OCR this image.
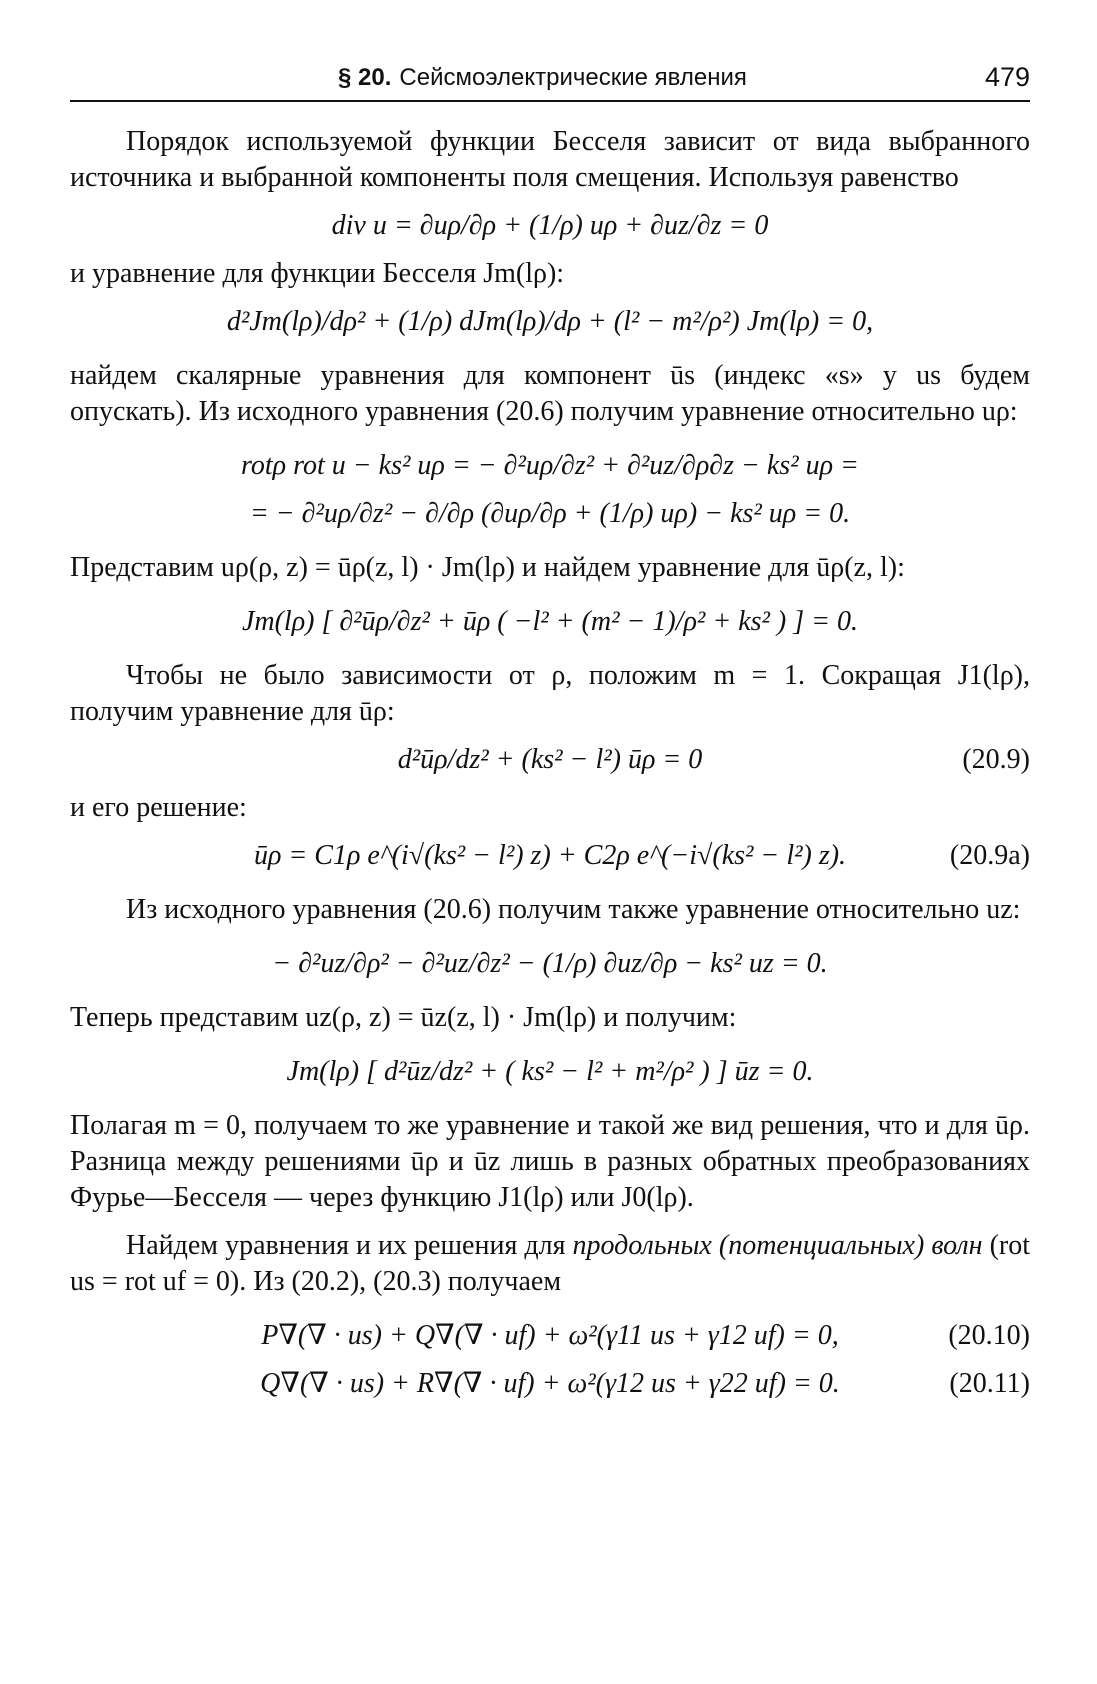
§ 20. Сейсмоэлектрические явления	479

Порядок используемой функции Бесселя зависит от вида выбранного источника и выбранной компоненты поля смещения. Используя равенство

div u = ∂uρ/∂ρ + (1/ρ) uρ + ∂uz/∂z = 0

и уравнение для функции Бесселя Jm(lρ):

d²Jm(lρ)/dρ² + (1/ρ) dJm(lρ)/dρ + (l² − m²/ρ²) Jm(lρ) = 0,

найдем скалярные уравнения для компонент ūs (индекс «s» у us будем опускать). Из исходного уравнения (20.6) получим уравнение относительно uρ:

rotρ rot u − ks² uρ = − ∂²uρ/∂z² + ∂²uz/∂ρ∂z − ks² uρ =
= − ∂²uρ/∂z² − ∂/∂ρ (∂uρ/∂ρ + (1/ρ) uρ) − ks² uρ = 0.

Представим uρ(ρ, z) = ūρ(z, l) · Jm(lρ) и найдем уравнение для ūρ(z, l):

Jm(lρ) [ ∂²ūρ/∂z² + ūρ ( −l² + (m² − 1)/ρ² + ks² ) ] = 0.

Чтобы не было зависимости от ρ, положим m = 1. Сокращая J1(lρ), получим уравнение для ūρ:

d²ūρ/dz² + (ks² − l²) ūρ = 0	(20.9)

и его решение:

ūρ = C1ρ e^(i√(ks² − l²) z) + C2ρ e^(−i√(ks² − l²) z).	(20.9a)

Из исходного уравнения (20.6) получим также уравнение относительно uz:

− ∂²uz/∂ρ² − ∂²uz/∂z² − (1/ρ) ∂uz/∂ρ − ks² uz = 0.

Теперь представим uz(ρ, z) = ūz(z, l) · Jm(lρ) и получим:

Jm(lρ) [ d²ūz/dz² + ( ks² − l² + m²/ρ² ) ] ūz = 0.

Полагая m = 0, получаем то же уравнение и такой же вид решения, что и для ūρ. Разница между решениями ūρ и ūz лишь в разных обратных преобразованиях Фурье—Бесселя — через функцию J1(lρ) или J0(lρ).

Найдем уравнения и их решения для продольных (потенциальных) волн (rot us = rot uf = 0). Из (20.2), (20.3) получаем

P∇(∇ · us) + Q∇(∇ · uf) + ω²(γ11 us + γ12 uf) = 0,	(20.10)
Q∇(∇ · us) + R∇(∇ · uf) + ω²(γ12 us + γ22 uf) = 0.	(20.11)
